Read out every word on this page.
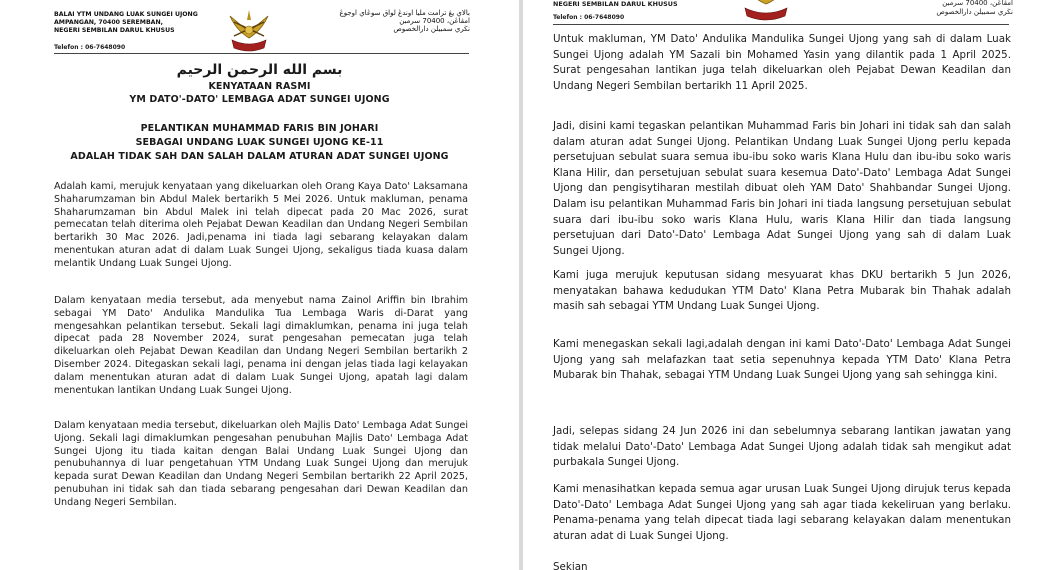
BALAI YTM UNDANG LUAK SUNGEI UJONG
AMPANGAN, 70400 SEREMBAN,
NEGERI SEMBILAN DARUL KHUSUS
Telefon : 06-7648090
بالاي يڠ ترامت مليا اوندڠ لواق سوڠاي اوجوڠ
امڤاڠن، 70400 سرمبن
نڬري سمبيلن دارالخصوص
بسم الله الرحمن الرحيم
KENYATAAN RASMI
YM DATO'-DATO' LEMBAGA ADAT SUNGEI UJONG
PELANTIKAN MUHAMMAD FARIS BIN JOHARI
SEBAGAI UNDANG LUAK SUNGEI UJONG KE-11
ADALAH TIDAK SAH DAN SALAH DALAM ATURAN ADAT SUNGEI UJONG

Adalah kami, merujuk kenyataan yang dikeluarkan oleh Orang Kaya Dato' Laksamana Shaharumzaman bin Abdul Malek bertarikh 5 Mei 2026. Untuk makluman, penama Shaharumzaman bin Abdul Malek ini telah dipecat pada 20 Mac 2026, surat pemecatan telah diterima oleh Pejabat Dewan Keadilan dan Undang Negeri Sembilan bertarikh 30 Mac 2026. Jadi,penama ini tiada lagi sebarang kelayakan dalam menentukan aturan adat di dalam Luak Sungei Ujong, sekaligus tiada kuasa dalam melantik Undang Luak Sungei Ujong.

Dalam kenyataan media tersebut, ada menyebut nama Zainol Ariffin bin Ibrahim sebagai YM Dato' Andulika Mandulika Tua Lembaga Waris di-Darat yang mengesahkan pelantikan tersebut. Sekali lagi dimaklumkan, penama ini juga telah dipecat pada 28 November 2024, surat pengesahan pemecatan juga telah dikeluarkan oleh Pejabat Dewan Keadilan dan Undang Negeri Sembilan bertarikh 2 Disember 2024. Ditegaskan sekali lagi, penama ini dengan jelas tiada lagi kelayakan dalam menentukan aturan adat di dalam Luak Sungei Ujong, apatah lagi dalam menentukan lantikan Undang Luak Sungei Ujong.

Dalam kenyataan media tersebut, dikeluarkan oleh Majlis Dato' Lembaga Adat Sungei Ujong. Sekali lagi dimaklumkan pengesahan penubuhan Majlis Dato' Lembaga Adat Sungei Ujong itu tiada kaitan dengan Balai Undang Luak Sungei Ujong dan penubuhannya di luar pengetahuan YTM Undang Luak Sungei Ujong dan merujuk kepada surat Dewan Keadilan dan Undang Negeri Sembilan bertarikh 22 April 2025, penubuhan ini tidak sah dan tiada sebarang pengesahan dari Dewan Keadilan dan Undang Negeri Sembilan.

NEGERI SEMBILAN DARUL KHUSUS
Telefon : 06-7648090
امڤاڠن، 70400 سرمبن
نڬري سمبيلن دارالخصوص

Untuk makluman, YM Dato' Andulika Mandulika Sungei Ujong yang sah di dalam Luak Sungei Ujong adalah YM Sazali bin Mohamed Yasin yang dilantik pada 1 April 2025. Surat pengesahan lantikan juga telah dikeluarkan oleh Pejabat Dewan Keadilan dan Undang Negeri Sembilan bertarikh 11 April 2025.

Jadi, disini kami tegaskan pelantikan Muhammad Faris bin Johari ini tidak sah dan salah dalam aturan adat Sungei Ujong. Pelantikan Undang Luak Sungei Ujong perlu kepada persetujuan sebulat suara semua ibu-ibu soko waris Klana Hulu dan ibu-ibu soko waris Klana Hilir, dan persetujuan sebulat suara kesemua Dato'-Dato' Lembaga Adat Sungei Ujong dan pengisytiharan mestilah dibuat oleh YAM Dato' Shahbandar Sungei Ujong. Dalam isu pelantikan Muhammad Faris bin Johari ini tiada langsung persetujuan sebulat suara dari ibu-ibu soko waris Klana Hulu, waris Klana Hilir dan tiada langsung persetujuan dari Dato'-Dato' Lembaga Adat Sungei Ujong yang sah di dalam Luak Sungei Ujong.

Kami juga merujuk keputusan sidang mesyuarat khas DKU bertarikh 5 Jun 2026, menyatakan bahawa kedudukan YTM Dato' Klana Petra Mubarak bin Thahak adalah masih sah sebagai YTM Undang Luak Sungei Ujong.

Kami menegaskan sekali lagi,adalah dengan ini kami Dato'-Dato' Lembaga Adat Sungei Ujong yang sah melafazkan taat setia sepenuhnya kepada YTM Dato' Klana Petra Mubarak bin Thahak, sebagai YTM Undang Luak Sungei Ujong yang sah sehingga kini.

Jadi, selepas sidang 24 Jun 2026 ini dan sebelumnya sebarang lantikan jawatan yang tidak melalui Dato'-Dato' Lembaga Adat Sungei Ujong adalah tidak sah mengikut adat purbakala Sungei Ujong.

Kami menasihatkan kepada semua agar urusan Luak Sungei Ujong dirujuk terus kepada Dato'-Dato' Lembaga Adat Sungei Ujong yang sah agar tiada kekeliruan yang berlaku. Penama-penama yang telah dipecat tiada lagi sebarang kelayakan dalam menentukan aturan adat di Luak Sungei Ujong.

Sekian
